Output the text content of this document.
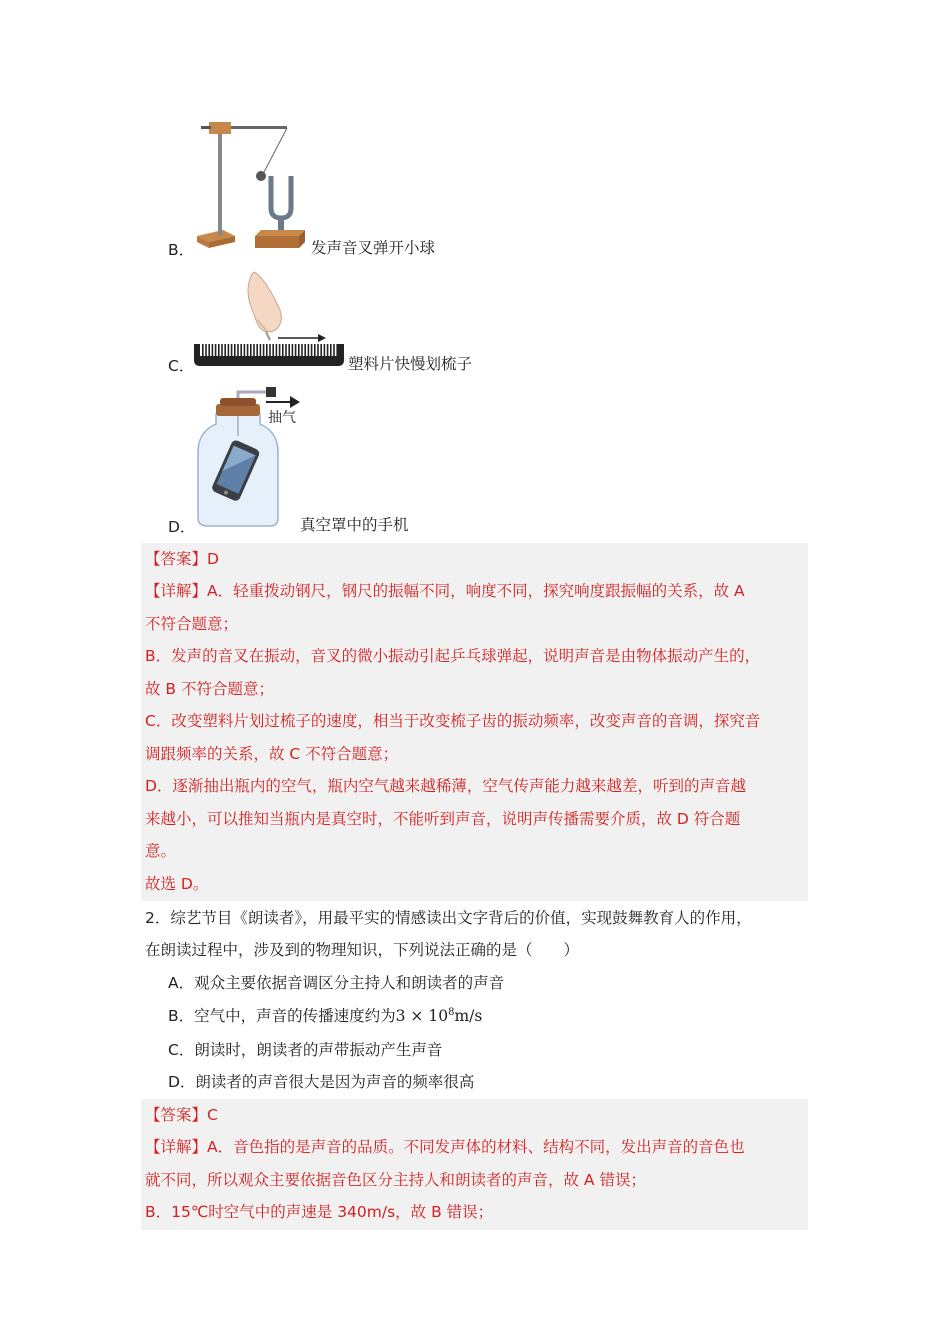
B．	发声音叉弹开小球
C．	塑料片快慢划梳子
抽气
D．	真空罩中的手机
【答案】D
【详解】A．轻重拨动钢尺，钢尺的振幅不同，响度不同，探究响度跟振幅的关系，故 A
不符合题意；
B．发声的音叉在振动，音叉的微小振动引起乒乓球弹起，说明声音是由物体振动产生的，
故 B 不符合题意；
C．改变塑料片划过梳子的速度，相当于改变梳子齿的振动频率，改变声音的音调，探究音
调跟频率的关系，故 C 不符合题意；
D．逐渐抽出瓶内的空气，瓶内空气越来越稀薄，空气传声能力越来越差，听到的声音越
来越小，可以推知当瓶内是真空时，不能听到声音，说明声传播需要介质，故 D 符合题
意。
故选 D。
2．综艺节目《朗读者》，用最平实的情感读出文字背后的价值，实现鼓舞教育人的作用，
在朗读过程中，涉及到的物理知识，下列说法正确的是（　　）
A．观众主要依据音调区分主持人和朗读者的声音
B．空气中，声音的传播速度约为$3 \times 10^8m/s$
C．朗读时，朗读者的声带振动产生声音
D．朗读者的声音很大是因为声音的频率很高
【答案】C
【详解】A．音色指的是声音的品质。不同发声体的材料、结构不同，发出声音的音色也
就不同，所以观众主要依据音色区分主持人和朗读者的声音，故 A 错误；
B．15℃时空气中的声速是 340m/s，故 B 错误；
